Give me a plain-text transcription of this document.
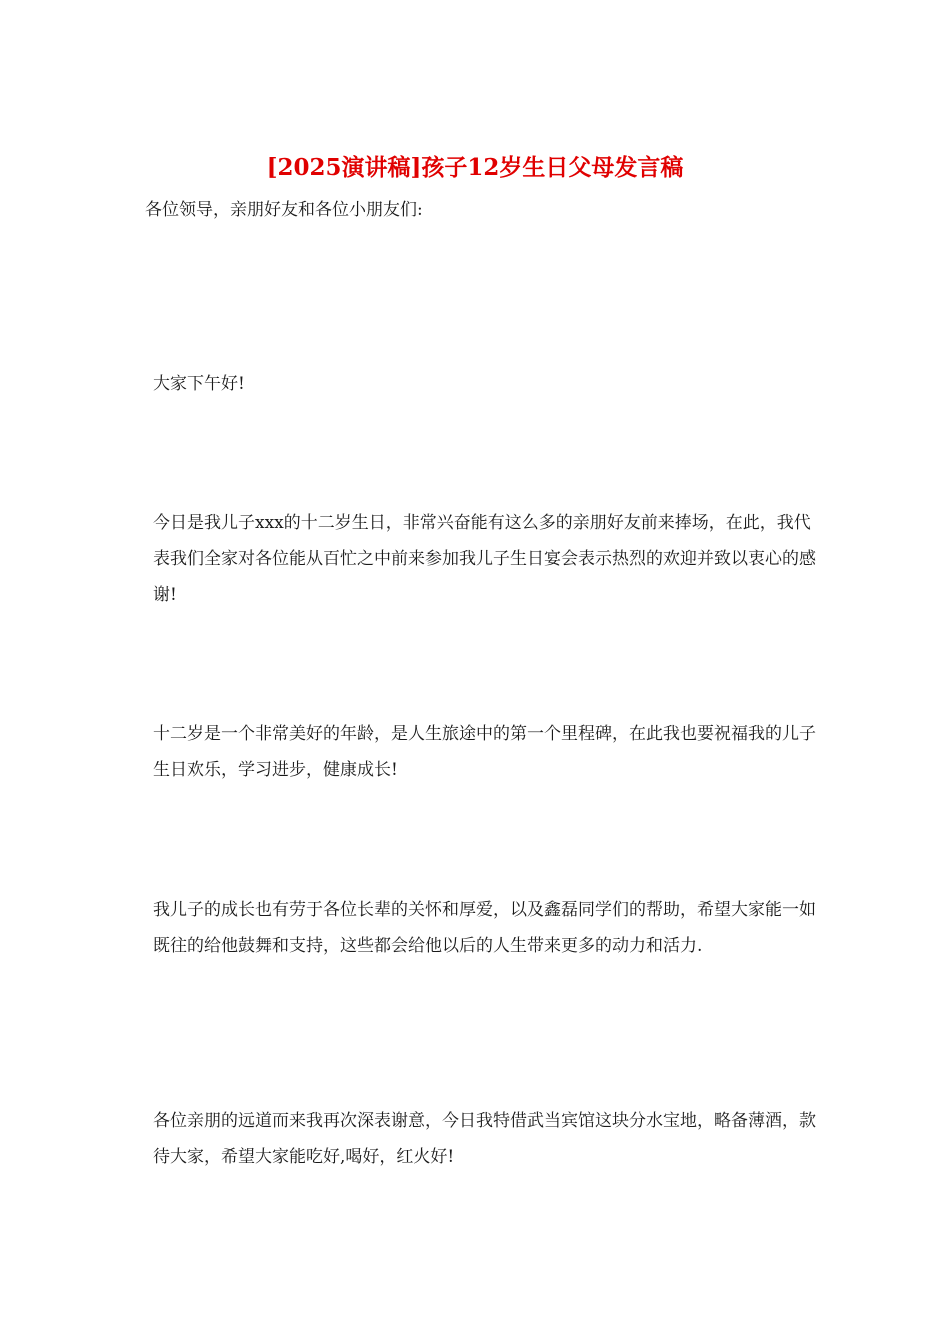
[2025演讲稿]孩子12岁生日父母发言稿

各位领导，亲朋好友和各位小朋友们:

大家下午好!

今日是我儿子xxx的十二岁生日，非常兴奋能有这么多的亲朋好友前来捧场，在此，我代表我们全家对各位能从百忙之中前来参加我儿子生日宴会表示热烈的欢迎并致以衷心的感谢!

十二岁是一个非常美好的年龄，是人生旅途中的第一个里程碑，在此我也要祝福我的儿子生日欢乐，学习进步，健康成长!

我儿子的成长也有劳于各位长辈的关怀和厚爱，以及鑫磊同学们的帮助，希望大家能一如既往的给他鼓舞和支持，这些都会给他以后的人生带来更多的动力和活力.

各位亲朋的远道而来我再次深表谢意，今日我特借武当宾馆这块分水宝地，略备薄酒，款待大家，希望大家能吃好,喝好，红火好!
